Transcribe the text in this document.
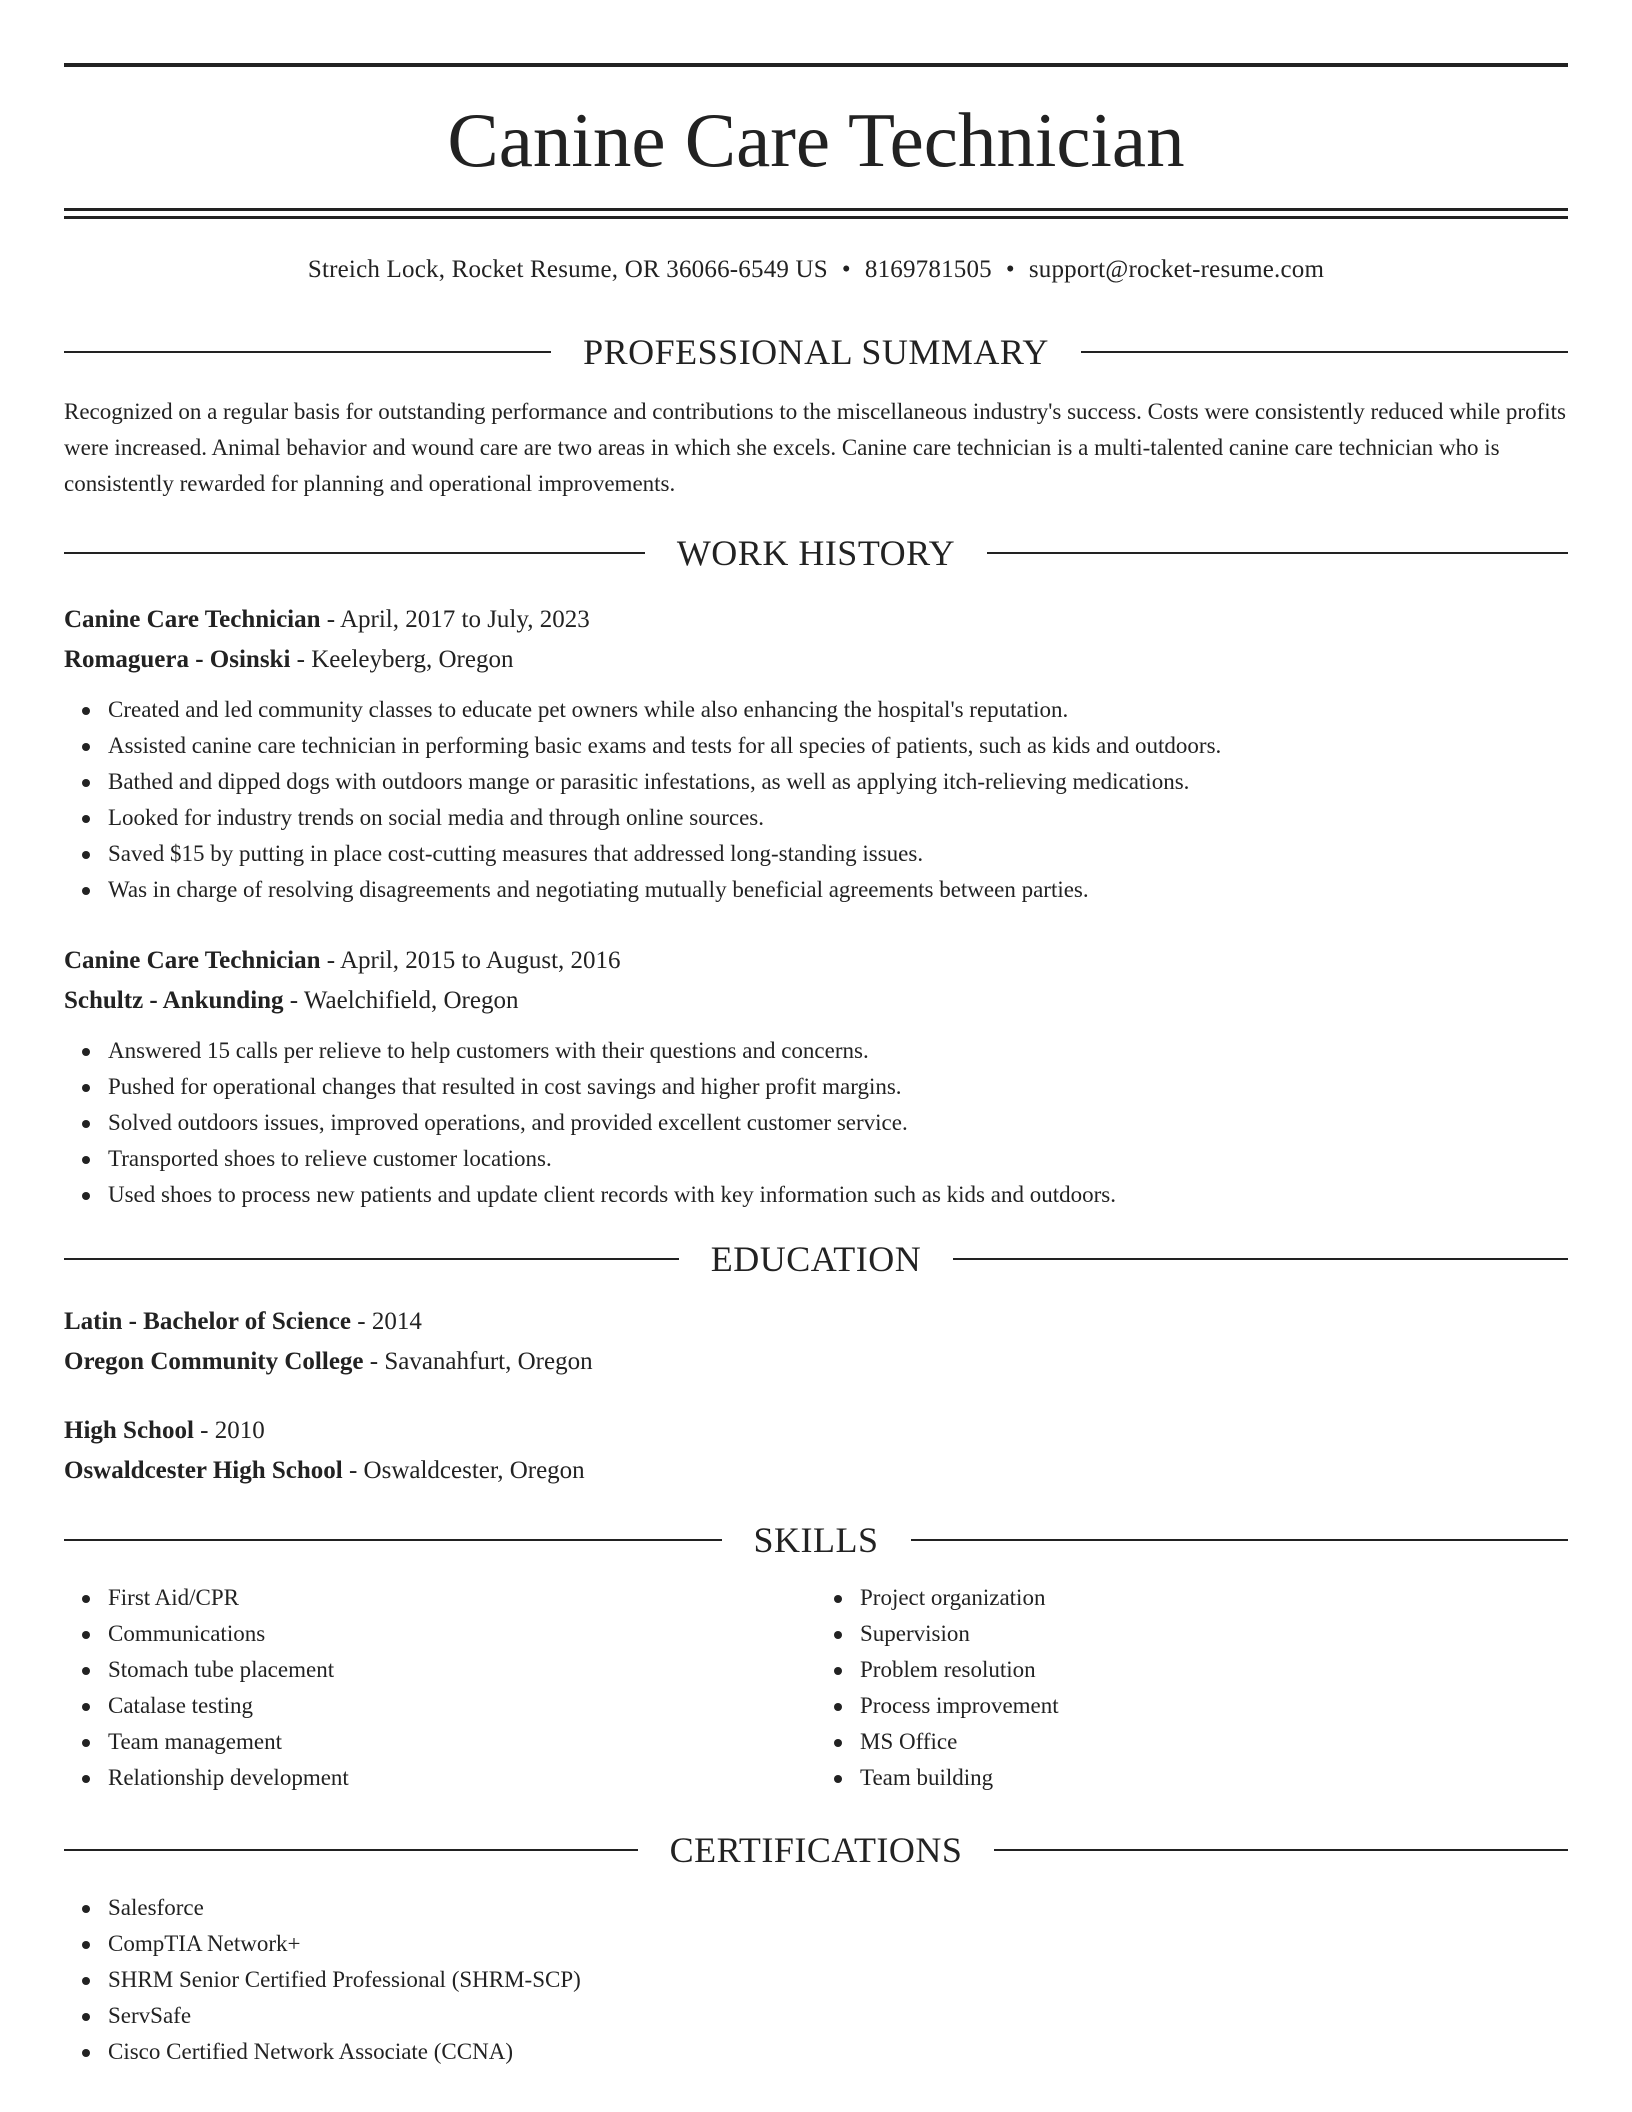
Canine Care Technician
Streich Lock, Rocket Resume, OR 36066-6549 US • 8169781505 • support@rocket-resume.com
PROFESSIONAL SUMMARY
Recognized on a regular basis for outstanding performance and contributions to the miscellaneous industry's success. Costs were consistently reduced while profits were increased. Animal behavior and wound care are two areas in which she excels. Canine care technician is a multi-talented canine care technician who is consistently rewarded for planning and operational improvements.
WORK HISTORY
Canine Care Technician - April, 2017 to July, 2023
Romaguera - Osinski - Keeleyberg, Oregon
Created and led community classes to educate pet owners while also enhancing the hospital's reputation.
Assisted canine care technician in performing basic exams and tests for all species of patients, such as kids and outdoors.
Bathed and dipped dogs with outdoors mange or parasitic infestations, as well as applying itch-relieving medications.
Looked for industry trends on social media and through online sources.
Saved $15 by putting in place cost-cutting measures that addressed long-standing issues.
Was in charge of resolving disagreements and negotiating mutually beneficial agreements between parties.
Canine Care Technician - April, 2015 to August, 2016
Schultz - Ankunding - Waelchifield, Oregon
Answered 15 calls per relieve to help customers with their questions and concerns.
Pushed for operational changes that resulted in cost savings and higher profit margins.
Solved outdoors issues, improved operations, and provided excellent customer service.
Transported shoes to relieve customer locations.
Used shoes to process new patients and update client records with key information such as kids and outdoors.
EDUCATION
Latin - Bachelor of Science - 2014
Oregon Community College - Savanahfurt, Oregon
High School - 2010
Oswaldcester High School - Oswaldcester, Oregon
SKILLS
First Aid/CPR
Communications
Stomach tube placement
Catalase testing
Team management
Relationship development
Project organization
Supervision
Problem resolution
Process improvement
MS Office
Team building
CERTIFICATIONS
Salesforce
CompTIA Network+
SHRM Senior Certified Professional (SHRM-SCP)
ServSafe
Cisco Certified Network Associate (CCNA)
